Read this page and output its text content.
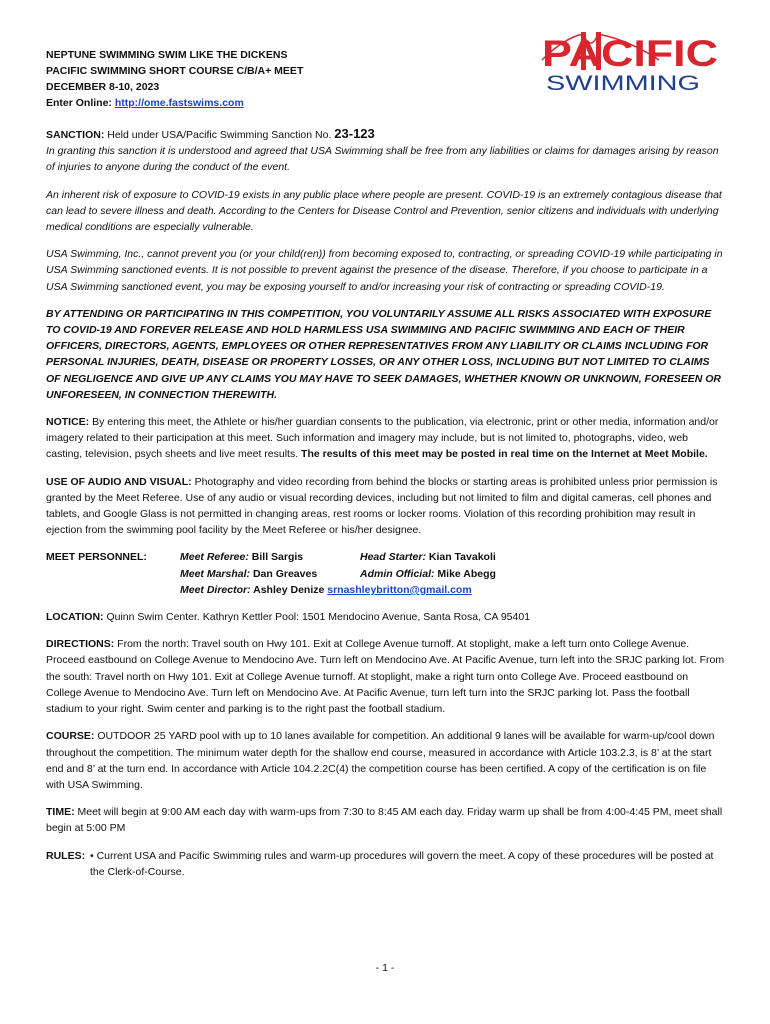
NEPTUNE SWIMMING SWIM LIKE THE DICKENS
PACIFIC SWIMMING SHORT COURSE C/B/A+ MEET
DECEMBER 8-10, 2023
Enter Online: http://ome.fastswims.com
PACIFIC
SWIMMING

SANCTION: Held under USA/Pacific Swimming Sanction No. 23-123
In granting this sanction it is understood and agreed that USA Swimming shall be free from any liabilities or claims for damages arising by reason of injuries to anyone during the conduct of the event.

An inherent risk of exposure to COVID-19 exists in any public place where people are present. COVID-19 is an extremely contagious disease that can lead to severe illness and death. According to the Centers for Disease Control and Prevention, senior citizens and individuals with underlying medical conditions are especially vulnerable.

USA Swimming, Inc., cannot prevent you (or your child(ren)) from becoming exposed to, contracting, or spreading COVID-19 while participating in USA Swimming sanctioned events. It is not possible to prevent against the presence of the disease. Therefore, if you choose to participate in a USA Swimming sanctioned event, you may be exposing yourself to and/or increasing your risk of contracting or spreading COVID-19.

BY ATTENDING OR PARTICIPATING IN THIS COMPETITION, YOU VOLUNTARILY ASSUME ALL RISKS ASSOCIATED WITH EXPOSURE TO COVID-19 AND FOREVER RELEASE AND HOLD HARMLESS USA SWIMMING AND PACIFIC SWIMMING AND EACH OF THEIR OFFICERS, DIRECTORS, AGENTS, EMPLOYEES OR OTHER REPRESENTATIVES FROM ANY LIABILITY OR CLAIMS INCLUDING FOR PERSONAL INJURIES, DEATH, DISEASE OR PROPERTY LOSSES, OR ANY OTHER LOSS, INCLUDING BUT NOT LIMITED TO CLAIMS OF NEGLIGENCE AND GIVE UP ANY CLAIMS YOU MAY HAVE TO SEEK DAMAGES, WHETHER KNOWN OR UNKNOWN, FORESEEN OR UNFORESEEN, IN CONNECTION THEREWITH.

NOTICE: By entering this meet, the Athlete or his/her guardian consents to the publication, via electronic, print or other media, information and/or imagery related to their participation at this meet. Such information and imagery may include, but is not limited to, photographs, video, web casting, television, psych sheets and live meet results. The results of this meet may be posted in real time on the Internet at Meet Mobile.

USE OF AUDIO AND VISUAL: Photography and video recording from behind the blocks or starting areas is prohibited unless prior permission is granted by the Meet Referee. Use of any audio or visual recording devices, including but not limited to film and digital cameras, cell phones and tablets, and Google Glass is not permitted in changing areas, rest rooms or locker rooms. Violation of this recording prohibition may result in ejection from the swimming pool facility by the Meet Referee or his/her designee.

MEET PERSONNEL:	Meet Referee: Bill Sargis	Head Starter: Kian Tavakoli
Meet Marshal: Dan Greaves	Admin Official: Mike Abegg
Meet Director: Ashley Denize srnashleybritton@gmail.com

LOCATION: Quinn Swim Center. Kathryn Kettler Pool: 1501 Mendocino Avenue, Santa Rosa, CA 95401

DIRECTIONS: From the north: Travel south on Hwy 101. Exit at College Avenue turnoff. At stoplight, make a left turn onto College Avenue. Proceed eastbound on College Avenue to Mendocino Ave. Turn left on Mendocino Ave. At Pacific Avenue, turn left into the SRJC parking lot. From the south: Travel north on Hwy 101. Exit at College Avenue turnoff. At stoplight, make a right turn onto College Ave. Proceed eastbound on College Avenue to Mendocino Ave. Turn left on Mendocino Ave. At Pacific Avenue, turn left turn into the SRJC parking lot. Pass the football stadium to your right. Swim center and parking is to the right past the football stadium.

COURSE: OUTDOOR 25 YARD pool with up to 10 lanes available for competition. An additional 9 lanes will be available for warm-up/cool down throughout the competition. The minimum water depth for the shallow end course, measured in accordance with Article 103.2.3, is 8’ at the start end and 8’ at the turn end. In accordance with Article 104.2.2C(4) the competition course has been certified. A copy of the certification is on file with USA Swimming.

TIME: Meet will begin at 9:00 AM each day with warm-ups from 7:30 to 8:45 AM each day. Friday warm up shall be from 4:00-4:45 PM, meet shall begin at 5:00 PM

RULES: • Current USA and Pacific Swimming rules and warm-up procedures will govern the meet. A copy of these procedures will be posted at the Clerk-of-Course.
- 1 -
